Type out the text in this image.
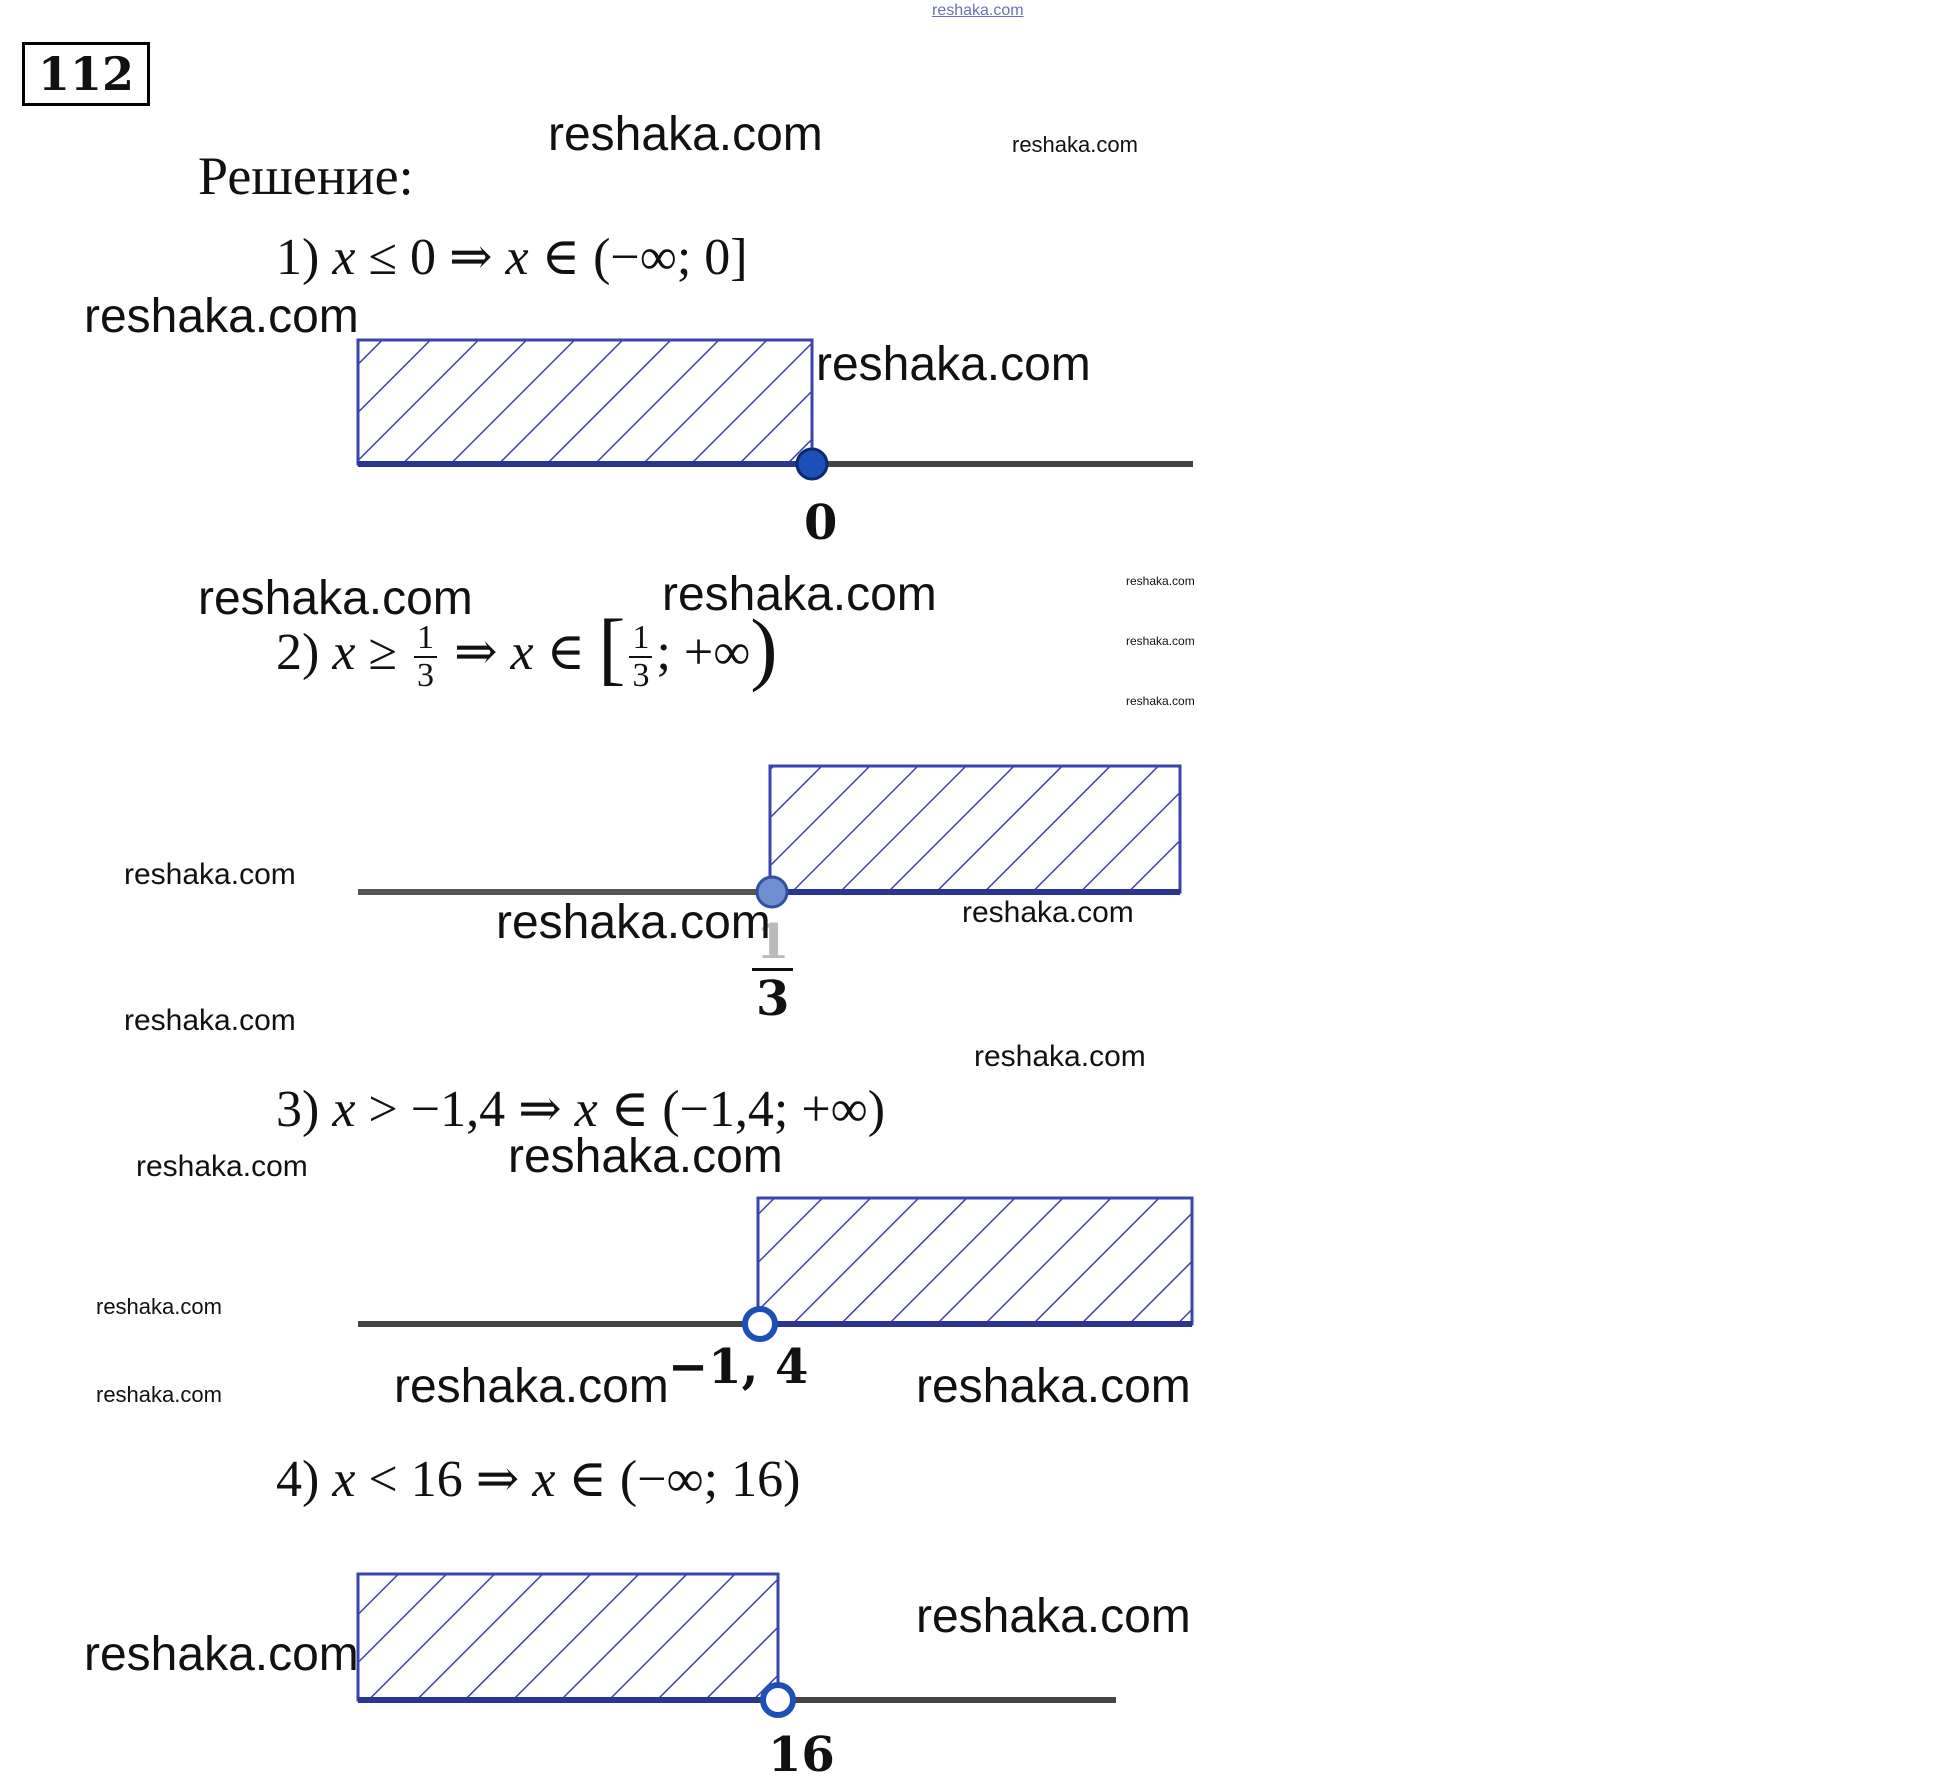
reshaka.com
112
Решение:
1) x ≤ 0 ⇒ x ∈ (−∞; 0]
0
2) $x \ge \frac{1}{3}$ ⇒ x ∈ [ $\frac{1}{3}$ ; +∞)
$\frac{1}{3}$
3) x > −1,4 ⇒ x ∈ (−1,4; +∞)
−1, 4
4) x < 16 ⇒ x ∈ (−∞; 16)
16
reshaka.com	reshaka.com
reshaka.com
reshaka.com
reshaka.com	reshaka.com	reshaka.com
reshaka.com
reshaka.com
reshaka.com
reshaka.com	reshaka.com
reshaka.com
reshaka.com
reshaka.com	reshaka.com
reshaka.com
reshaka.com	reshaka.com	reshaka.com
reshaka.com
reshaka.com
